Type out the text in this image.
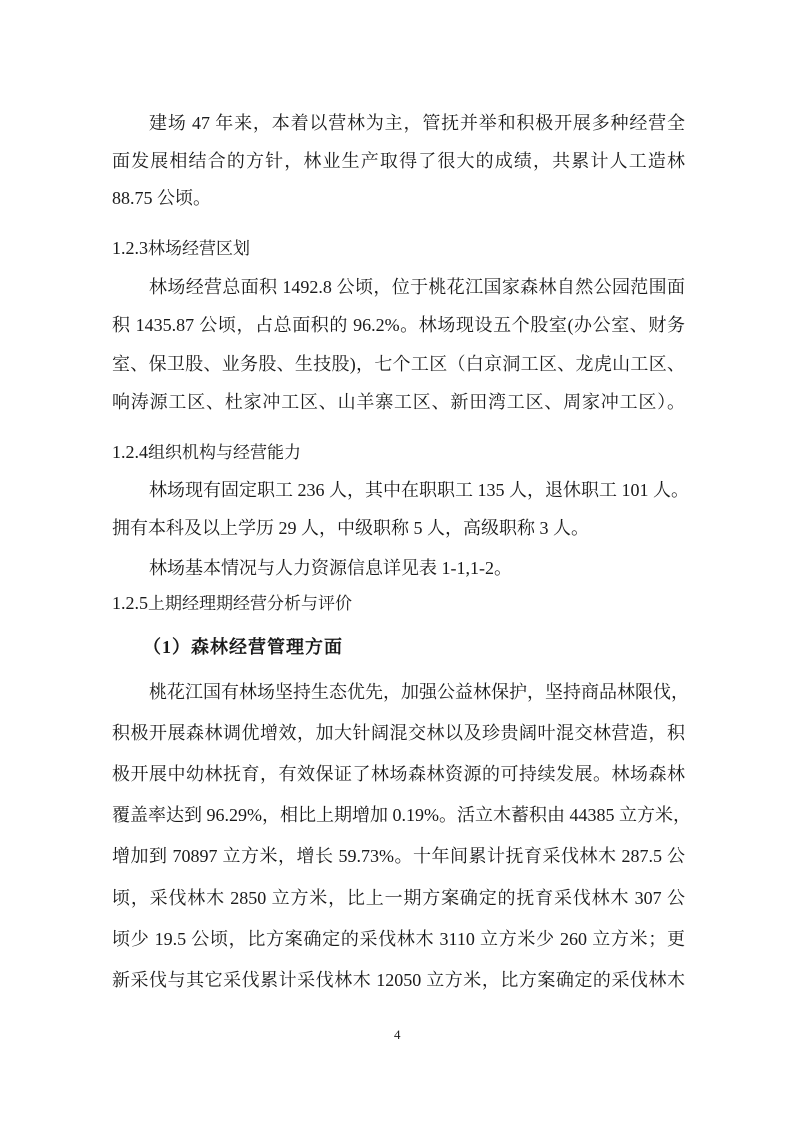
1.2.3林场经营区划
1.2.4组织机构与经营能力
1.2.5上期经理期经营分析与评价
（1）森林经营管理方面
4
建场 47 年来，本着以营林为主，管抚并举和积极开展多种经营全
面发展相结合的方针，林业生产取得了很大的成绩，共累计人工造林
88.75 公顷。
林场经营总面积 1492.8 公顷，位于桃花江国家森林自然公园范围面
积 1435.87 公顷，占总面积的 96.2%。林场现设五个股室(办公室、财务
室、保卫股、业务股、生技股)，七个工区（白京洞工区、龙虎山工区、
响涛源工区、杜家冲工区、山羊寨工区、新田湾工区、周家冲工区）。
林场现有固定职工 236 人，其中在职职工 135 人，退休职工 101 人。
拥有本科及以上学历 29 人，中级职称 5 人，高级职称 3 人。
林场基本情况与人力资源信息详见表 1-1,1-2。
桃花江国有林场坚持生态优先，加强公益林保护，坚持商品林限伐，
积极开展森林调优增效，加大针阔混交林以及珍贵阔叶混交林营造，积
极开展中幼林抚育，有效保证了林场森林资源的可持续发展。林场森林
覆盖率达到 96.29%，相比上期增加 0.19%。活立木蓄积由 44385 立方米，
增加到 70897 立方米，增长 59.73%。十年间累计抚育采伐林木 287.5 公
顷，采伐林木 2850 立方米，比上一期方案确定的抚育采伐林木 307 公
顷少 19.5 公顷，比方案确定的采伐林木 3110 立方米少 260 立方米；更
新采伐与其它采伐累计采伐林木 12050 立方米，比方案确定的采伐林木
